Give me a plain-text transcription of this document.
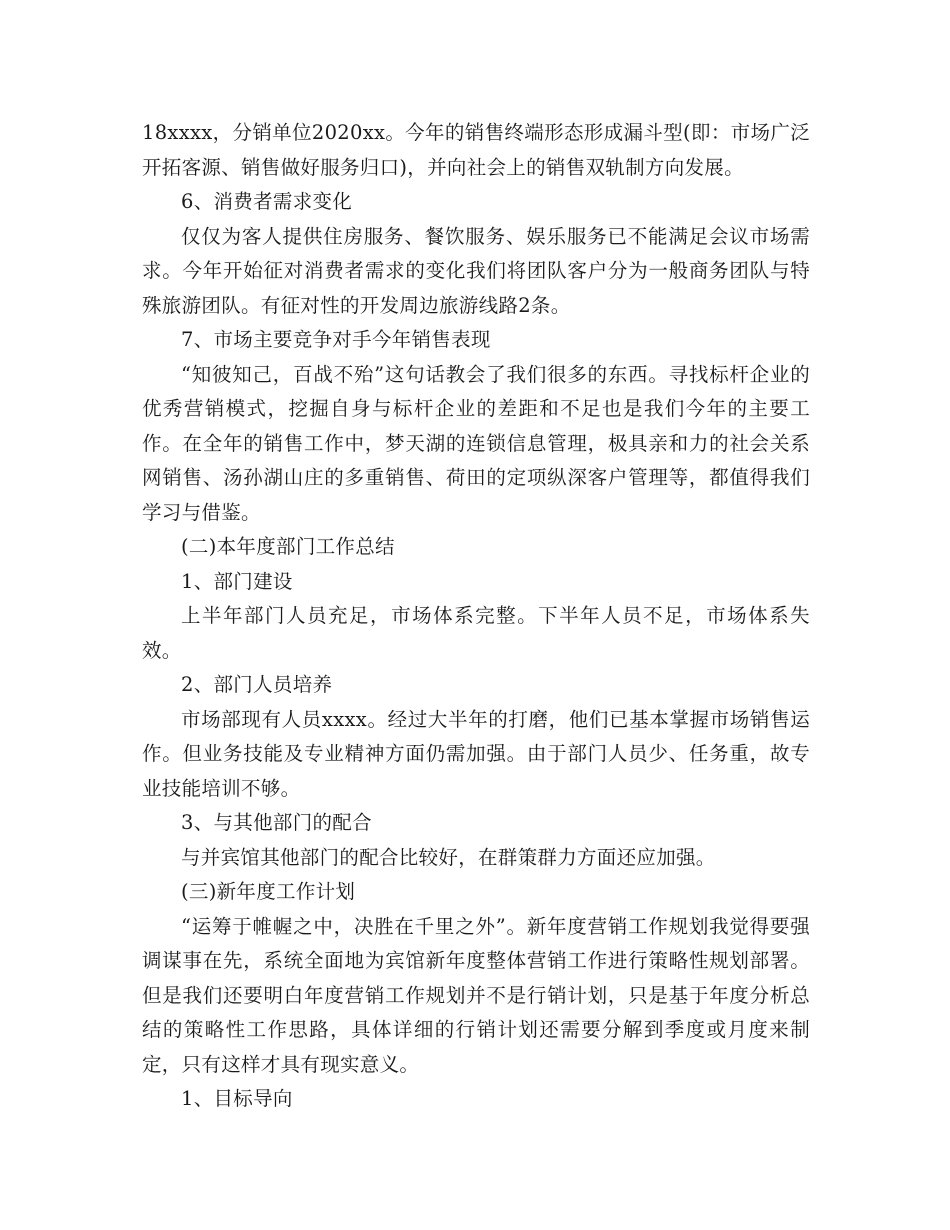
18xxxx，分销单位2020xx。今年的销售终端形态形成漏斗型(即：市场广泛开拓客源、销售做好服务归口)，并向社会上的销售双轨制方向发展。

6、消费者需求变化

仅仅为客人提供住房服务、餐饮服务、娱乐服务已不能满足会议市场需求。今年开始征对消费者需求的变化我们将团队客户分为一般商务团队与特殊旅游团队。有征对性的开发周边旅游线路2条。

7、市场主要竞争对手今年销售表现

“知彼知己，百战不殆”这句话教会了我们很多的东西。寻找标杆企业的优秀营销模式，挖掘自身与标杆企业的差距和不足也是我们今年的主要工作。在全年的销售工作中，梦天湖的连锁信息管理，极具亲和力的社会关系网销售、汤孙湖山庄的多重销售、荷田的定项纵深客户管理等，都值得我们学习与借鉴。

(二)本年度部门工作总结

1、部门建设

上半年部门人员充足，市场体系完整。下半年人员不足，市场体系失效。

2、部门人员培养

市场部现有人员xxxx。经过大半年的打磨，他们已基本掌握市场销售运作。但业务技能及专业精神方面仍需加强。由于部门人员少、任务重，故专业技能培训不够。

3、与其他部门的配合

与并宾馆其他部门的配合比较好，在群策群力方面还应加强。

(三)新年度工作计划

“运筹于帷幄之中，决胜在千里之外”。新年度营销工作规划我觉得要强调谋事在先，系统全面地为宾馆新年度整体营销工作进行策略性规划部署。但是我们还要明白年度营销工作规划并不是行销计划，只是基于年度分析总结的策略性工作思路，具体详细的行销计划还需要分解到季度或月度来制定，只有这样才具有现实意义。

1、目标导向
